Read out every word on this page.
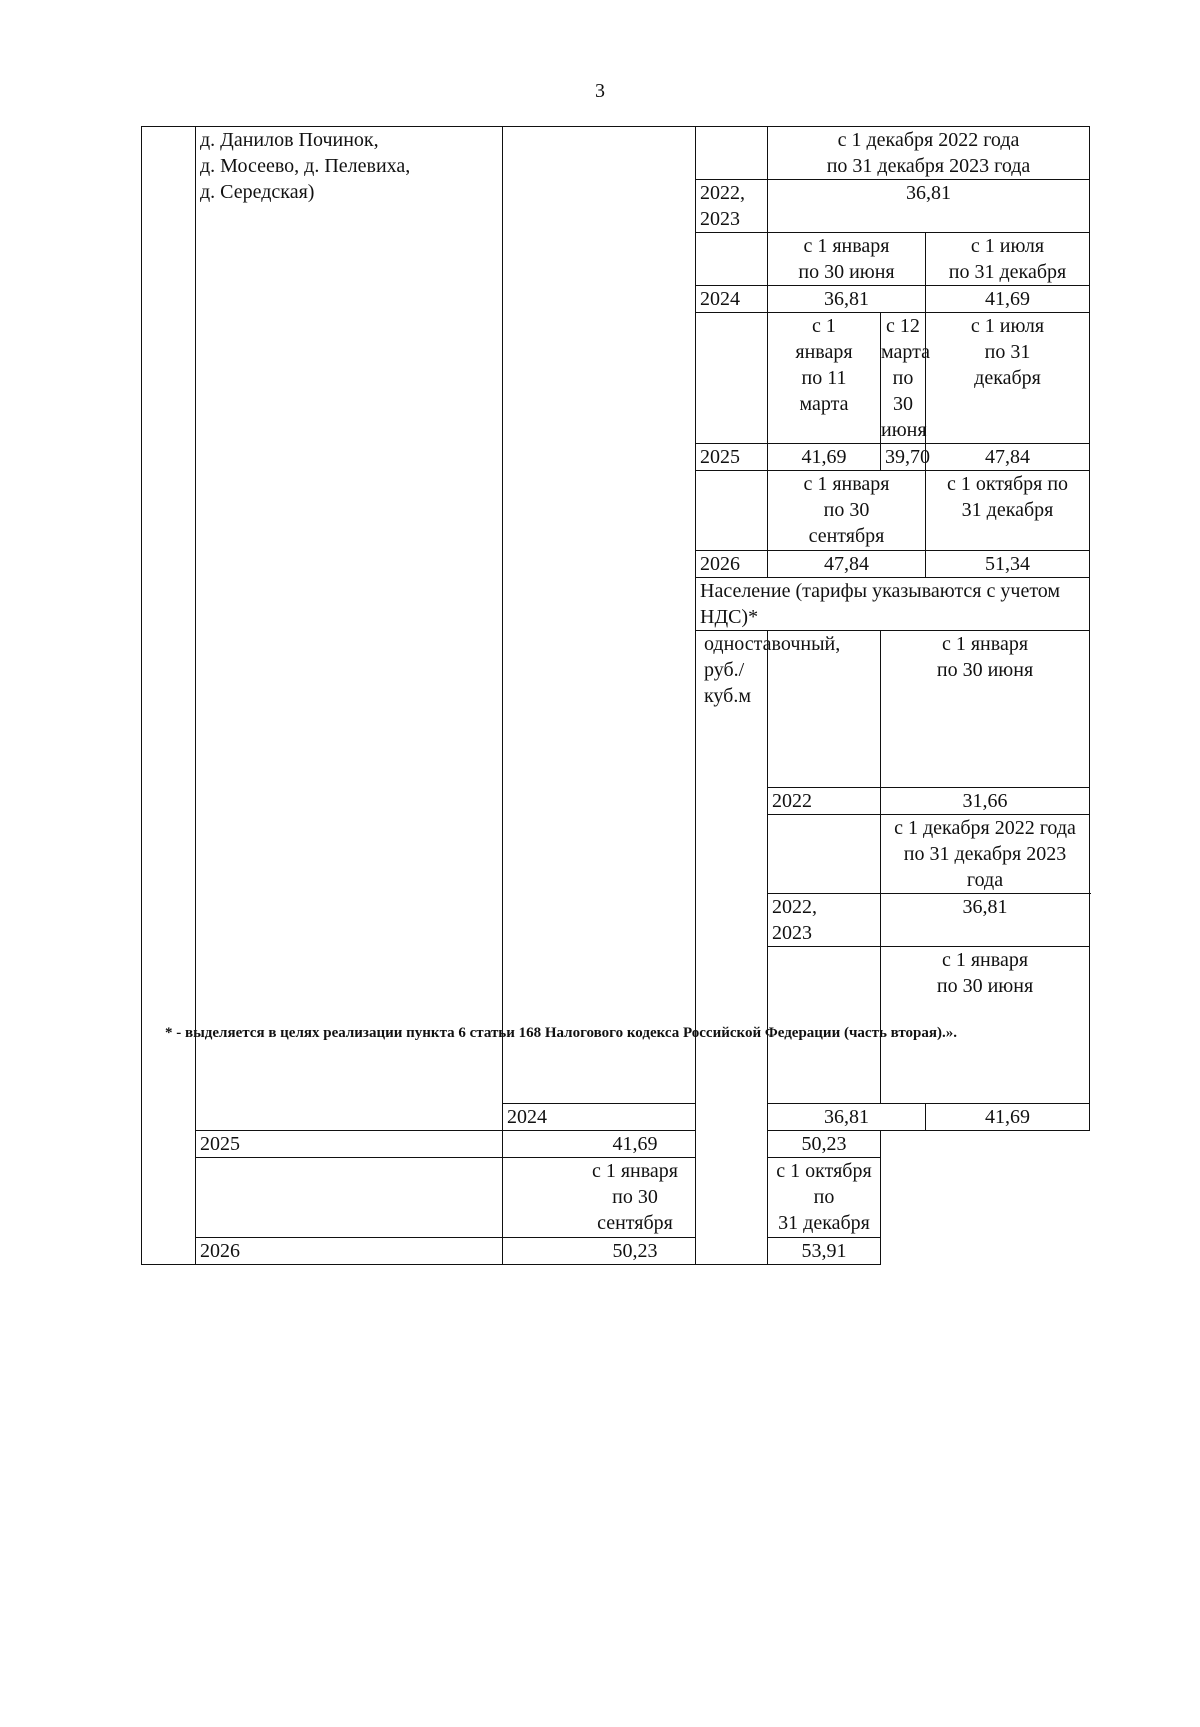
3

	д. Данилов Починок,
д. Мосеево, д. Пелевиха,
д. Середская)			с 1 декабря 2022 года
по 31 декабря 2023 года			

			2022,
2023	36,81			

				с 1 января
по 30 июня		с 1 июля
по 31 декабря	

			2024	36,81		41,69	

				с 1
января
по 11
марта	с 12
марта
по 30
июня	с 1 июля
по 31
декабря	

			2025	41,69	39,70	47,84	

				с 1 января
по 30
сентября		с 1 октября по
31 декабря	

			2026	47,84		51,34	
			Население (тарифы указываются с учетом НДС)*				

			одноставочный,
руб./куб.м		с 1 января
по 30 июня

				2022	31,66	

					с 1 декабря 2022 года
по 31 декабря 2023 года		

				2022,
2023	36,81		

					с 1 января
по 30 июня

		2024		36,81		41,69	
	2025	41,69		50,23			

		с 1 января
по 30
сентября		с 1 октября по
31 декабря			

	2026	50,23		53,91			
* - выделяется в целях реализации пункта 6 статьи 168 Налогового кодекса Российской Федерации (часть вторая).».
